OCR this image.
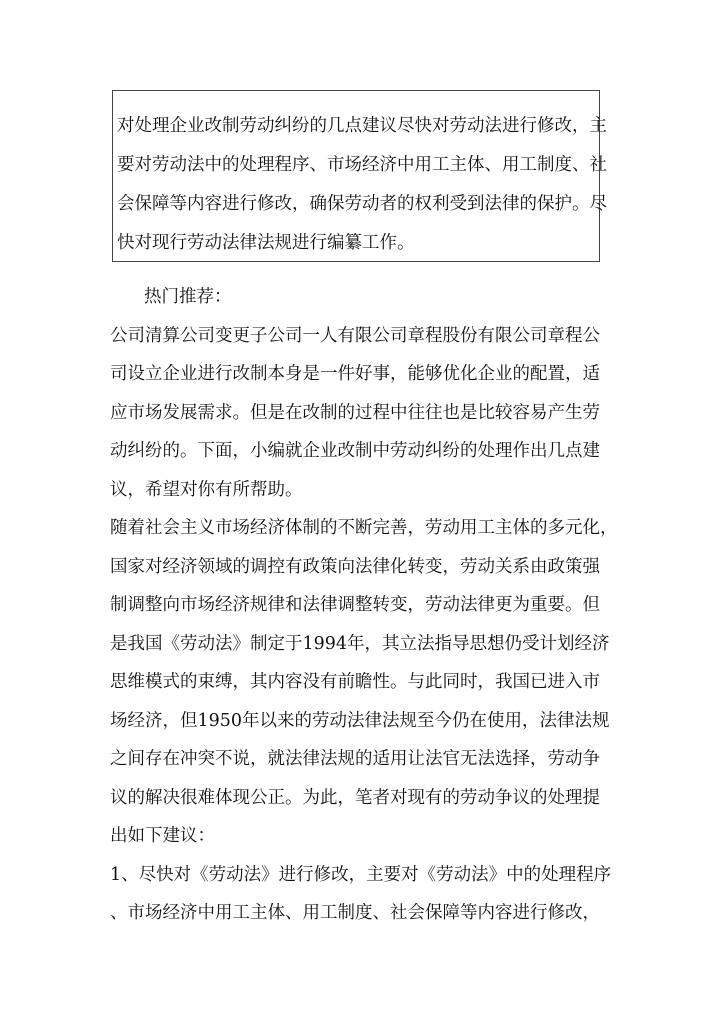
对处理企业改制劳动纠纷的几点建议尽快对劳动法进行修改，主
要对劳动法中的处理程序、市场经济中用工主体、用工制度、社
会保障等内容进行修改，确保劳动者的权利受到法律的保护。尽
快对现行劳动法律法规进行编纂工作。
热门推荐：
公司清算公司变更子公司一人有限公司章程股份有限公司章程公
司设立企业进行改制本身是一件好事，能够优化企业的配置，适
应市场发展需求。但是在改制的过程中往往也是比较容易产生劳
动纠纷的。下面，小编就企业改制中劳动纠纷的处理作出几点建
议，希望对你有所帮助。
随着社会主义市场经济体制的不断完善，劳动用工主体的多元化，
国家对经济领域的调控有政策向法律化转变，劳动关系由政策强
制调整向市场经济规律和法律调整转变，劳动法律更为重要。但
是我国《劳动法》制定于1994年，其立法指导思想仍受计划经济
思维模式的束缚，其内容没有前瞻性。与此同时，我国已进入市
场经济，但1950年以来的劳动法律法规至今仍在使用，法律法规
之间存在冲突不说，就法律法规的适用让法官无法选择，劳动争
议的解决很难体现公正。为此，笔者对现有的劳动争议的处理提
出如下建议：
1、尽快对《劳动法》进行修改，主要对《劳动法》中的处理程序
、市场经济中用工主体、用工制度、社会保障等内容进行修改，
